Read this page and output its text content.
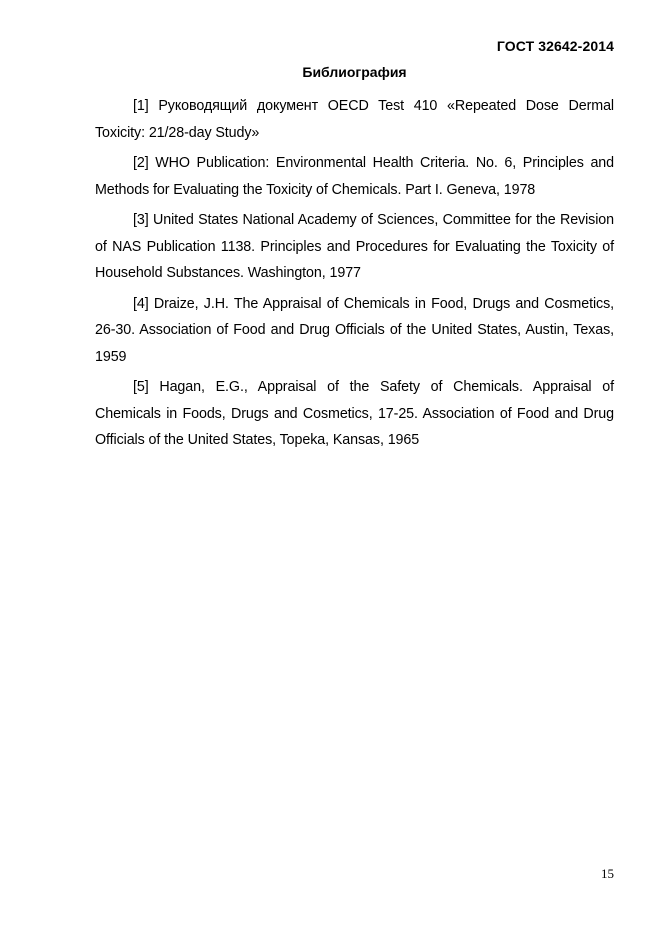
ГОСТ 32642-2014
Библиография

[1] Руководящий документ OECD Test 410 «Repeated Dose Dermal Toxicity: 21/28-day Study»

[2] WHO Publication: Environmental Health Criteria. No. 6, Principles and Methods for Evaluating the Toxicity of Chemicals. Part I. Geneva, 1978

[3] United States National Academy of Sciences, Committee for the Revision of NAS Publication 1138. Principles and Procedures for Evaluating the Toxicity of Household Substances. Washington, 1977

[4] Draize, J.H. The Appraisal of Chemicals in Food, Drugs and Cosmetics, 26-30. Association of Food and Drug Officials of the United States, Austin, Texas, 1959

[5] Hagan, E.G., Appraisal of the Safety of Chemicals. Appraisal of Chemicals in Foods, Drugs and Cosmetics, 17-25. Association of Food and Drug Officials of the United States, Topeka, Kansas, 1965

15
